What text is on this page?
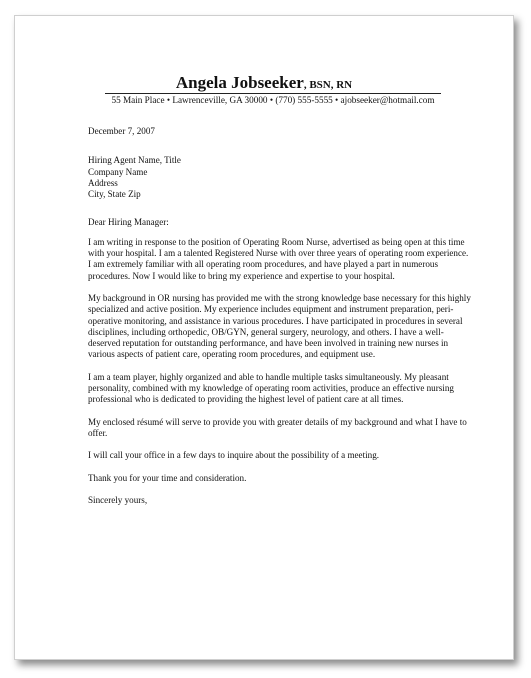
Angela Jobseeker, BSN, RN
55 Main Place • Lawrenceville, GA 30000 • (770) 555-5555 • ajobseeker@hotmail.com

December 7, 2007

Hiring Agent Name, Title
Company Name
Address
City, State Zip

Dear Hiring Manager:

I am writing in response to the position of Operating Room Nurse, advertised as being open at this time with your hospital. I am a talented Registered Nurse with over three years of operating room experience. I am extremely familiar with all operating room procedures, and have played a part in numerous procedures. Now I would like to bring my experience and expertise to your hospital.

My background in OR nursing has provided me with the strong knowledge base necessary for this highly specialized and active position. My experience includes equipment and instrument preparation, peri-operative monitoring, and assistance in various procedures. I have participated in procedures in several disciplines, including orthopedic, OB/GYN, general surgery, neurology, and others. I have a well-deserved reputation for outstanding performance, and have been involved in training new nurses in various aspects of patient care, operating room procedures, and equipment use.

I am a team player, highly organized and able to handle multiple tasks simultaneously. My pleasant personality, combined with my knowledge of operating room activities, produce an effective nursing professional who is dedicated to providing the highest level of patient care at all times.

My enclosed résumé will serve to provide you with greater details of my background and what I have to offer.

I will call your office in a few days to inquire about the possibility of a meeting.

Thank you for your time and consideration.

Sincerely yours,
